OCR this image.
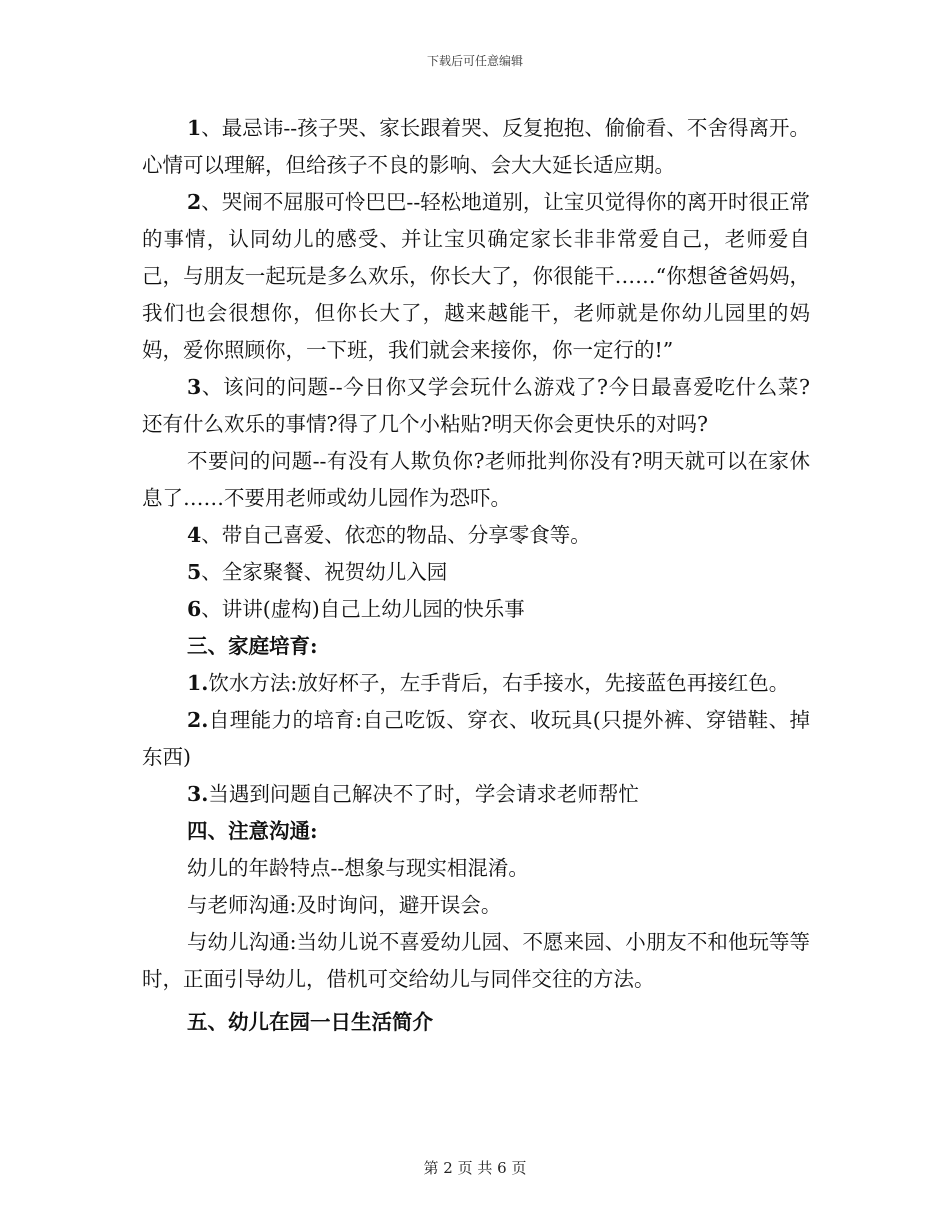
下载后可任意编辑

1、最忌讳--孩子哭、家长跟着哭、反复抱抱、偷偷看、不舍得离开。心情可以理解，但给孩子不良的影响、会大大延长适应期。

2、哭闹不屈服可怜巴巴--轻松地道别，让宝贝觉得你的离开时很正常的事情，认同幼儿的感受、并让宝贝确定家长非非常爱自己，老师爱自己，与朋友一起玩是多么欢乐，你长大了，你很能干……“你想爸爸妈妈，我们也会很想你，但你长大了，越来越能干，老师就是你幼儿园里的妈妈，爱你照顾你，一下班，我们就会来接你，你一定行的!”

3、该问的问题--今日你又学会玩什么游戏了?今日最喜爱吃什么菜?还有什么欢乐的事情?得了几个小粘贴?明天你会更快乐的对吗?

不要问的问题--有没有人欺负你?老师批判你没有?明天就可以在家休息了……不要用老师或幼儿园作为恐吓。

4、带自己喜爱、依恋的物品、分享零食等。

5、全家聚餐、祝贺幼儿入园

6、讲讲(虚构)自己上幼儿园的快乐事

三、家庭培育:

1.饮水方法:放好杯子，左手背后，右手接水，先接蓝色再接红色。

2.自理能力的培育:自己吃饭、穿衣、收玩具(只提外裤、穿错鞋、掉东西)

3.当遇到问题自己解决不了时，学会请求老师帮忙

四、注意沟通:

幼儿的年龄特点--想象与现实相混淆。

与老师沟通:及时询问，避开误会。

与幼儿沟通:当幼儿说不喜爱幼儿园、不愿来园、小朋友不和他玩等等时，正面引导幼儿，借机可交给幼儿与同伴交往的方法。

五、幼儿在园一日生活简介

第 2 页 共 6 页
